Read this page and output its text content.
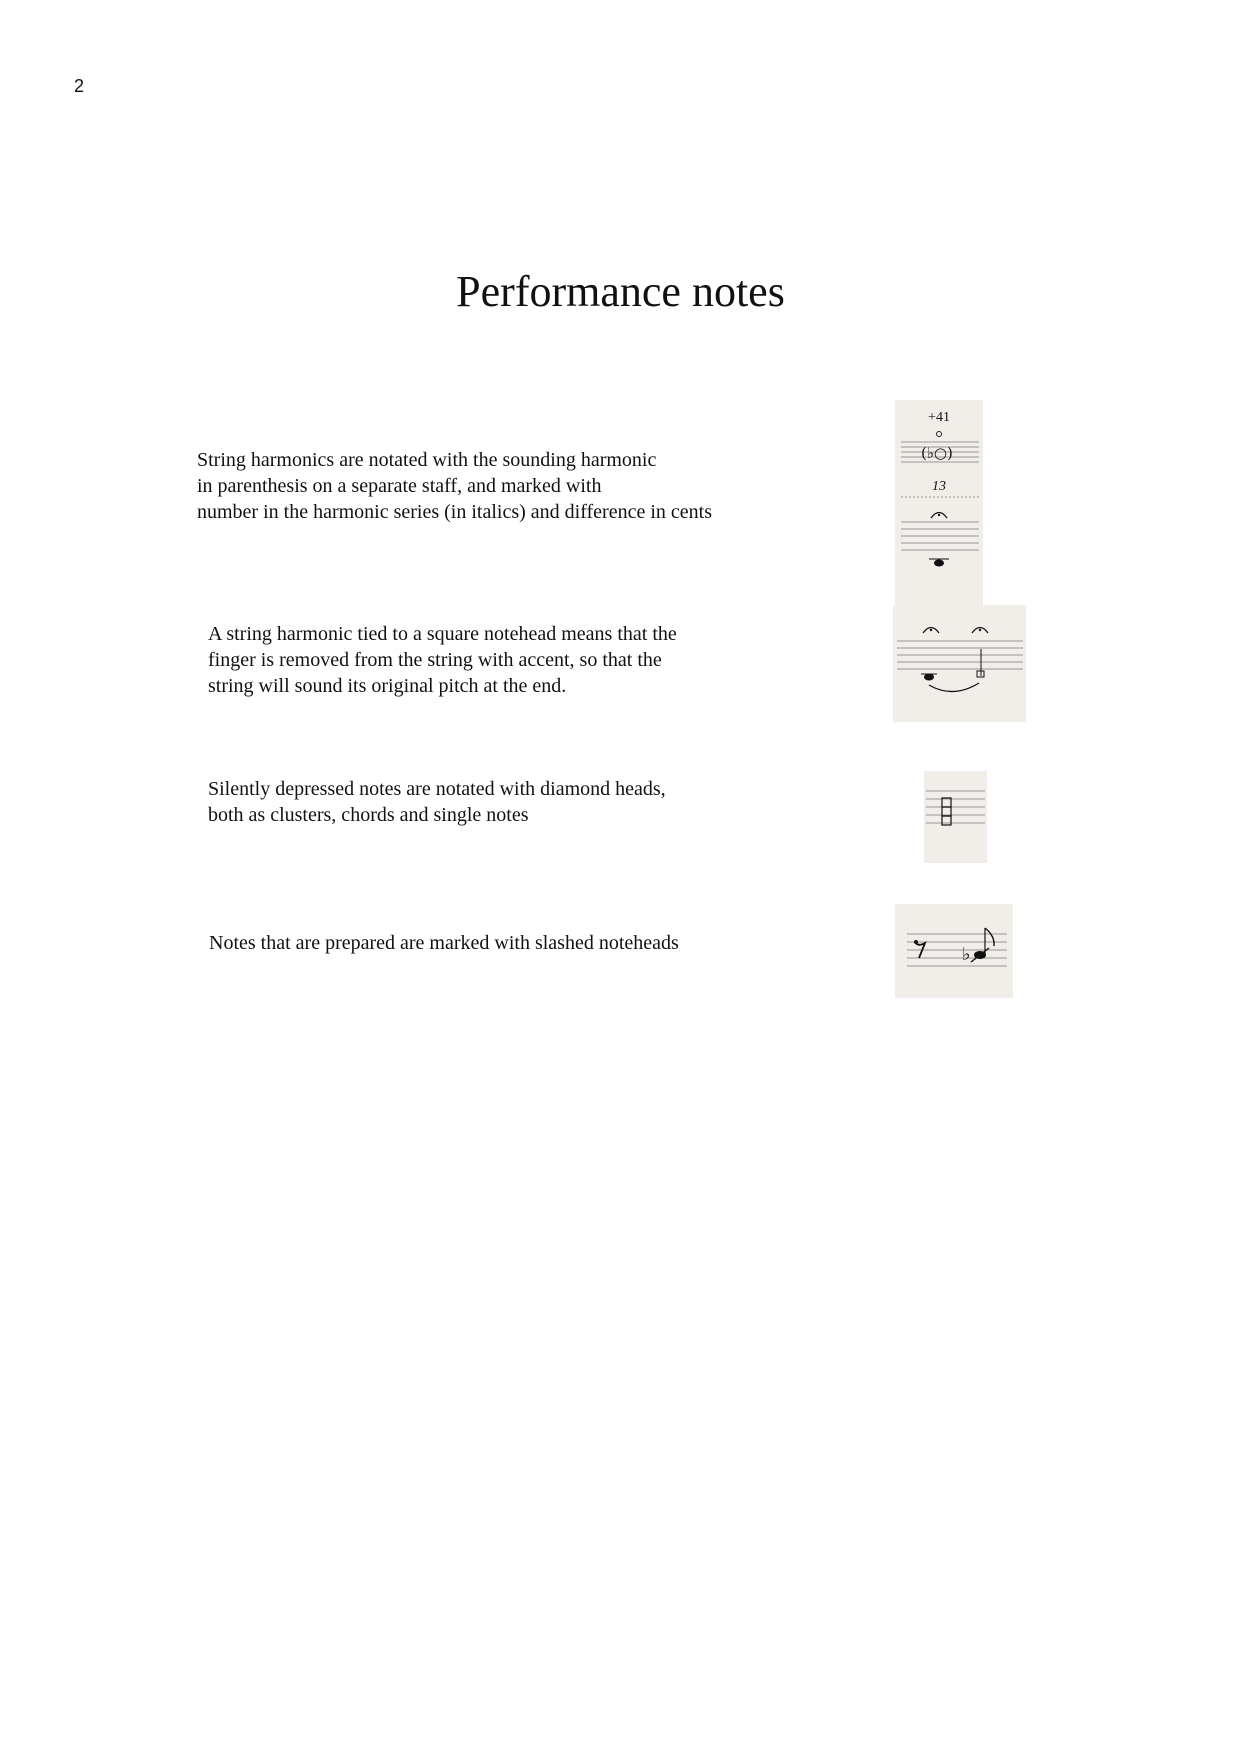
2
Performance notes
String harmonics are notated with the sounding harmonic
in parenthesis on a separate staff, and marked with
number in the harmonic series (in italics) and difference in cents
+41
(♭○)
13
A string harmonic tied to a square notehead means that the
finger is removed from the string with accent, so that the
string will sound its original pitch at the end.
Silently depressed notes are notated with diamond heads,
both as clusters, chords and single notes
Notes that are prepared are marked with slashed noteheads
♭
